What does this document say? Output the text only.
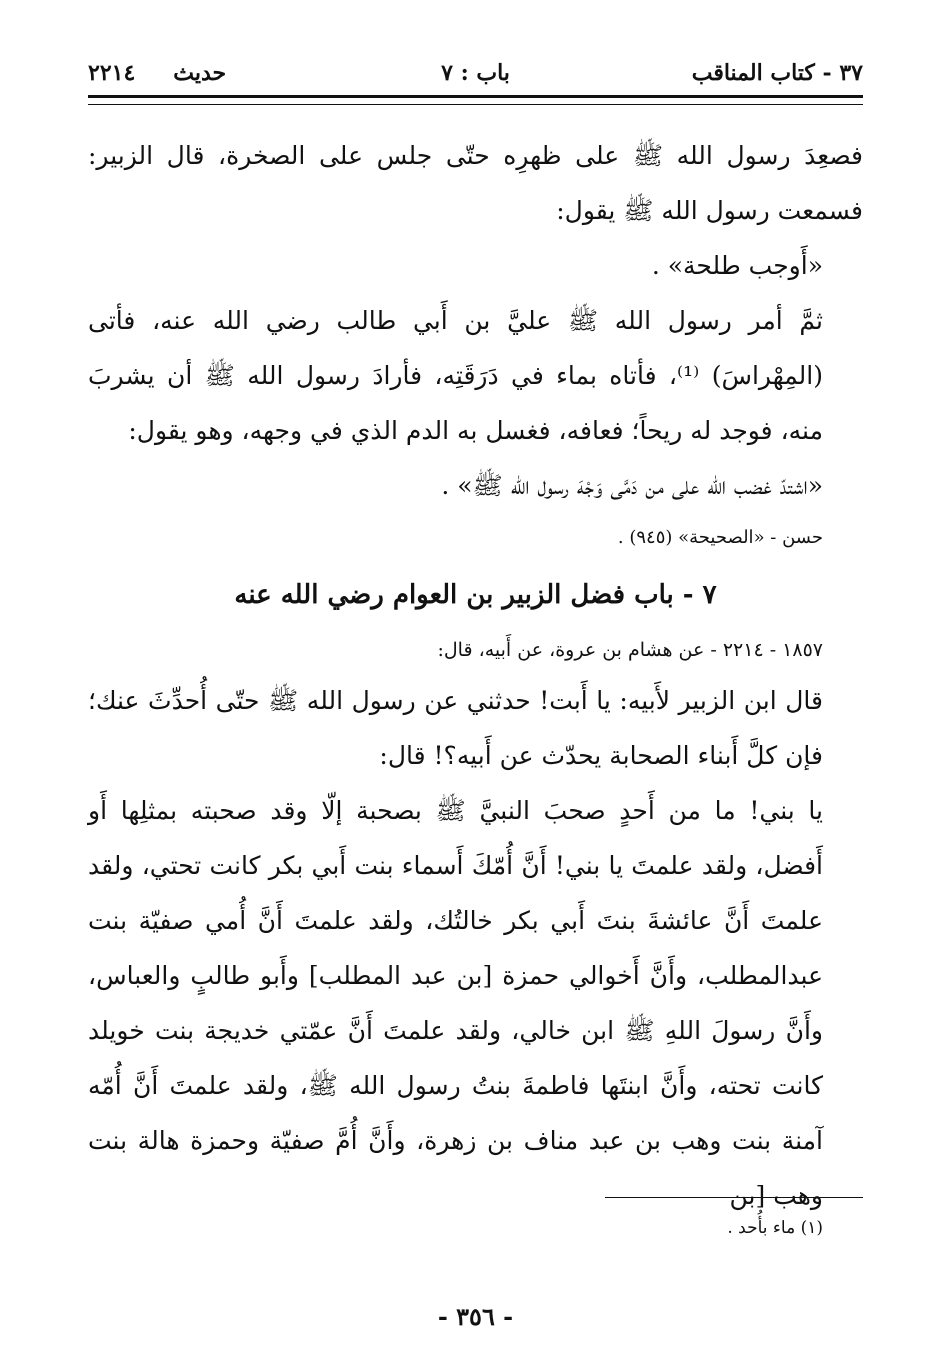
٣٧ - كتاب المناقب
باب : ٧
حديث٢٢١٤

فصعِدَ رسول الله ﷺ على ظهرِه حتّى جلس على الصخرة، قال الزبير: فسمعت رسول الله ﷺ يقول:

«أَوجب طلحة» .

ثمَّ أمر رسول الله ﷺ عليَّ بن أَبي طالب رضي الله عنه، فأتى (المِهْراسَ) ⁽¹⁾، فأتاه بماء في دَرَقَتِه، فأرادَ رسول الله ﷺ أن يشربَ منه، فوجد له ريحاً؛ فعافه، فغسل به الدم الذي في وجهه، وهو يقول:

«اشتدّ غضب الله على من دَمَّى وَجْهَ رسول الله ﷺ» .

حسن - «الصحيحة» (٩٤٥) .

٧ - باب فضل الزبير بن العوام رضي الله عنه

١٨٥٧ - ٢٢١٤ - عن هشام بن عروة، عن أَبيه، قال:

قال ابن الزبير لأَبيه: يا أَبت! حدثني عن رسول الله ﷺ حتّى أُحدِّثَ عنك؛ فإن كلَّ أَبناء الصحابة يحدّث عن أَبيه؟! قال:

يا بني! ما من أَحدٍ صحبَ النبيَّ ﷺ بصحبة إلّا وقد صحبته بمثلِها أَو أَفضل، ولقد علمتَ يا بني! أَنَّ أُمّكَ أَسماء بنت أَبي بكر كانت تحتي، ولقد علمتَ أَنَّ عائشةَ بنتَ أَبي بكر خالتُك، ولقد علمتَ أَنَّ أُمي صفيّة بنت عبدالمطلب، وأَنَّ أَخوالي حمزة [بن عبد المطلب] وأَبو طالبٍ والعباس، وأَنَّ رسولَ اللهِ ﷺ ابن خالي، ولقد علمتَ أَنَّ عمّتي خديجة بنت خويلد كانت تحته، وأَنَّ ابنتَها فاطمةَ بنتُ رسول الله ﷺ، ولقد علمتَ أَنَّ أُمّه آمنة بنت وهب بن عبد مناف بن زهرة، وأَنَّ أُمَّ صفيّة وحمزة هالة بنت وهب [بن

(١) ماء بأُحد .
- ٣٥٦ -
